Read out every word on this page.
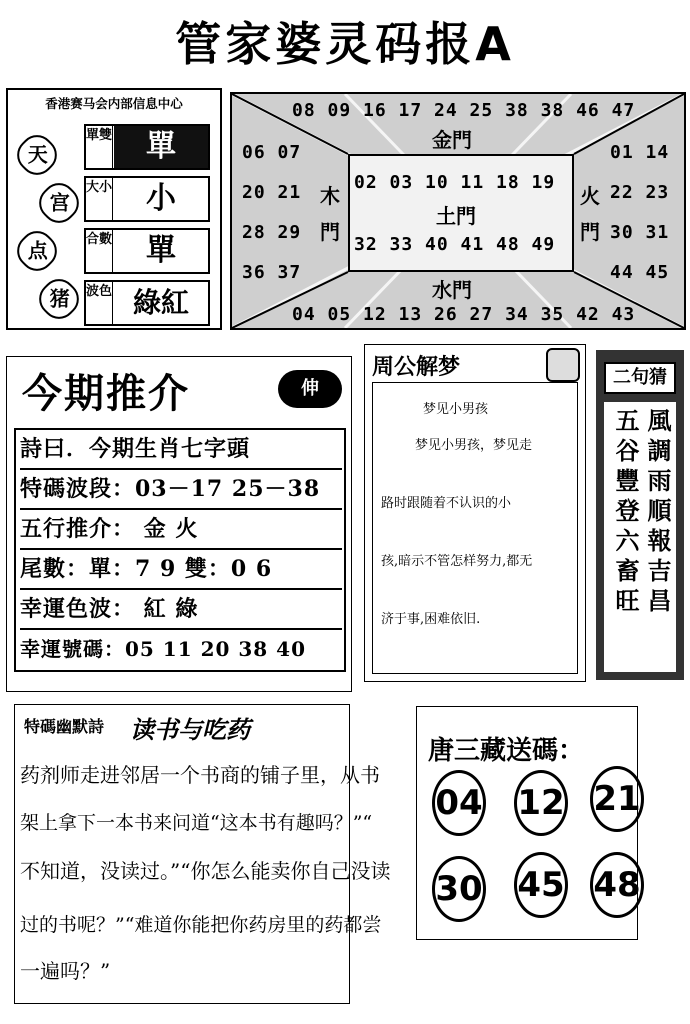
管家婆灵码报A
香港赛马会内部信息中心
天
宫
点
猪
單雙	單
大小	小
合數	單
波色 綠紅
08 09 16 17 24 25 38 38 46 47
金門
06 07
20 21
28 29
36 37
木門
01 14
22 23
30 31
44 45
火門
02 03 10 11 18 19
土門
32 33 40 41 48 49
水門
04 05 12 13 26 27 34 35 42 43
今期推介	伸
詩曰．今期生肖七字頭
特碼波段：03－17 25－38
五行推介： 金 火
尾數：單：7 9 雙：0 6
幸運色波： 紅 綠
幸運號碼：05 11 20 38 40
周公解梦

梦见小男孩

梦见小男孩，梦见走

路时跟随着不认识的小

孩,暗示不管怎样努力,都无

济于事,困难依旧.

二句猜
風調雨順報吉昌
五谷豐登六畜旺
特碼幽默詩 读书与吃药
药剂师走进邻居一个书商的铺子里，从书
架上拿下一本书来问道“这本书有趣吗？”“
不知道，没读过。”“你怎么能卖你自己没读
过的书呢？”“难道你能把你药房里的药都尝
一遍吗？”
唐三藏送碼：
04 12 21
30 45 48
